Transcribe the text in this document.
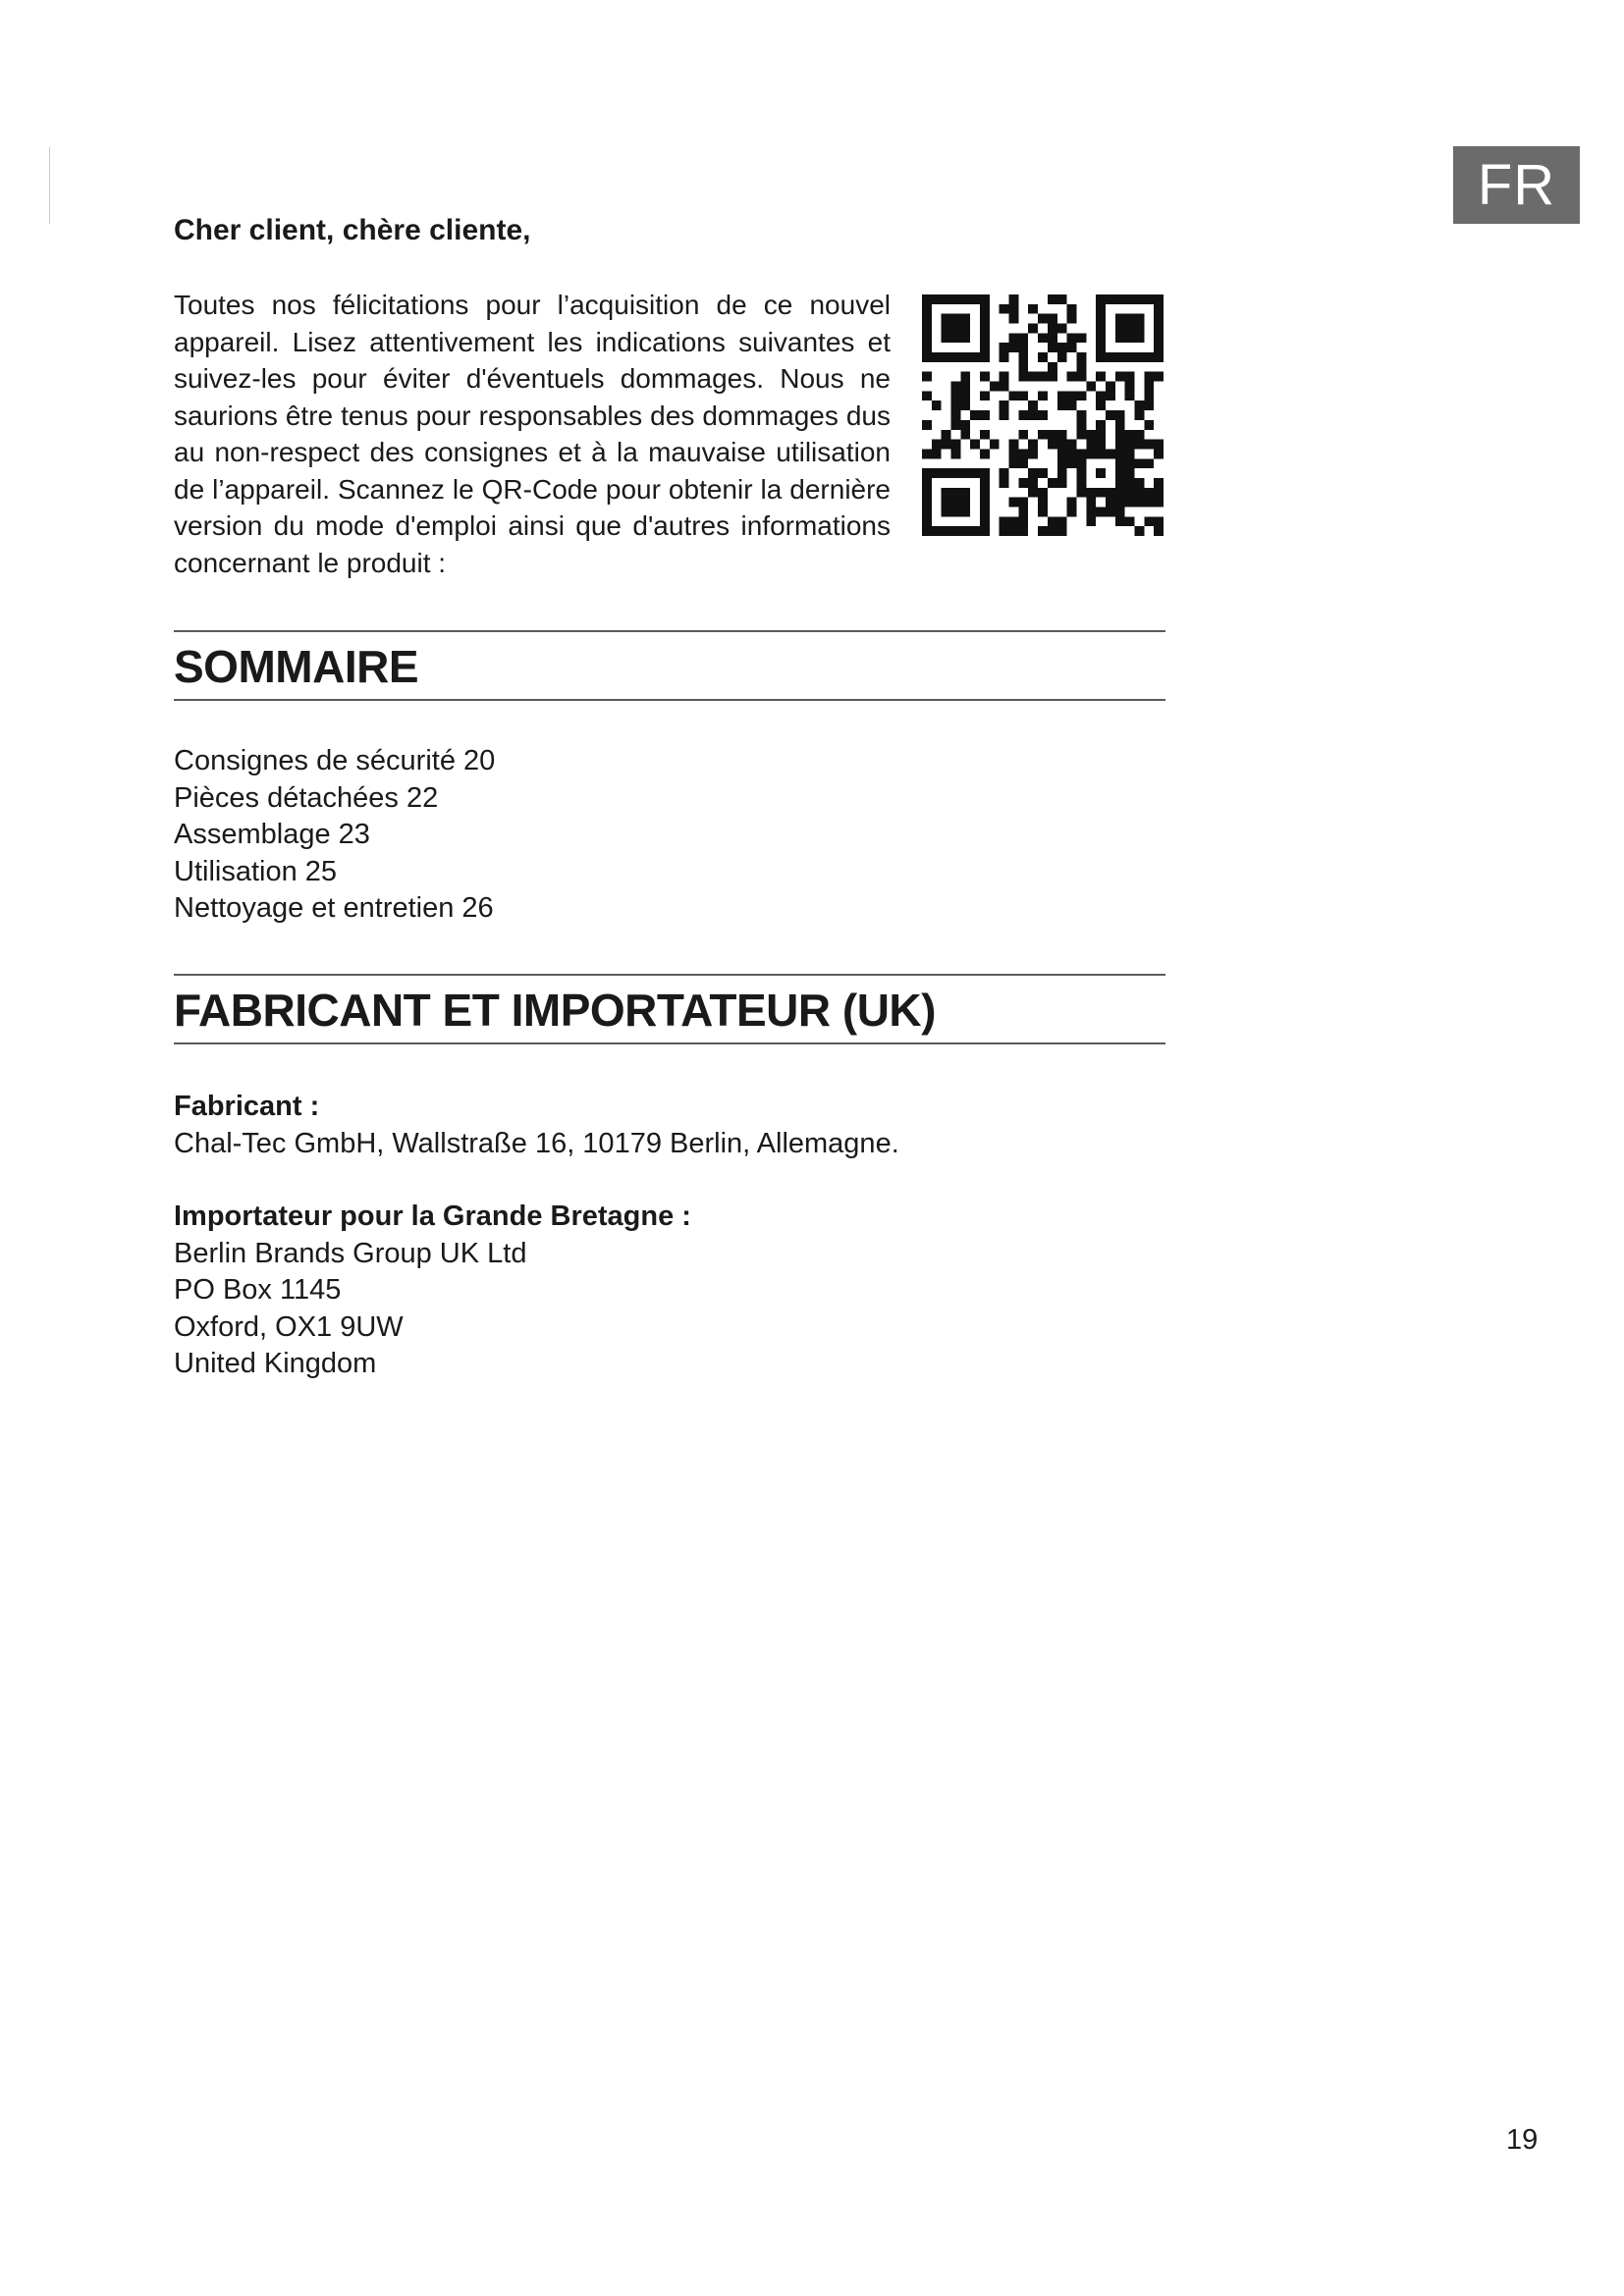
FR
Cher client, chère cliente,
Toutes nos félicitations pour l’acquisition de ce nouvel appareil. Lisez attentivement les indications suivantes et suivez-les pour éviter d'éventuels dommages. Nous ne saurions être tenus pour responsables des dommages dus au non-respect des consignes et à la mauvaise utilisation de l’appareil. Scannez le QR-Code pour obtenir la dernière version du mode d'emploi ainsi que d'autres informations concernant le produit :
SOMMAIRE
Consignes de sécurité 20
Pièces détachées 22
Assemblage 23
Utilisation 25
Nettoyage et entretien 26
FABRICANT ET IMPORTATEUR (UK)
Fabricant :
Chal-Tec GmbH, Wallstraße 16, 10179 Berlin, Allemagne.
Importateur pour la Grande Bretagne :
Berlin Brands Group UK Ltd
PO Box 1145
Oxford, OX1 9UW
United Kingdom
19
